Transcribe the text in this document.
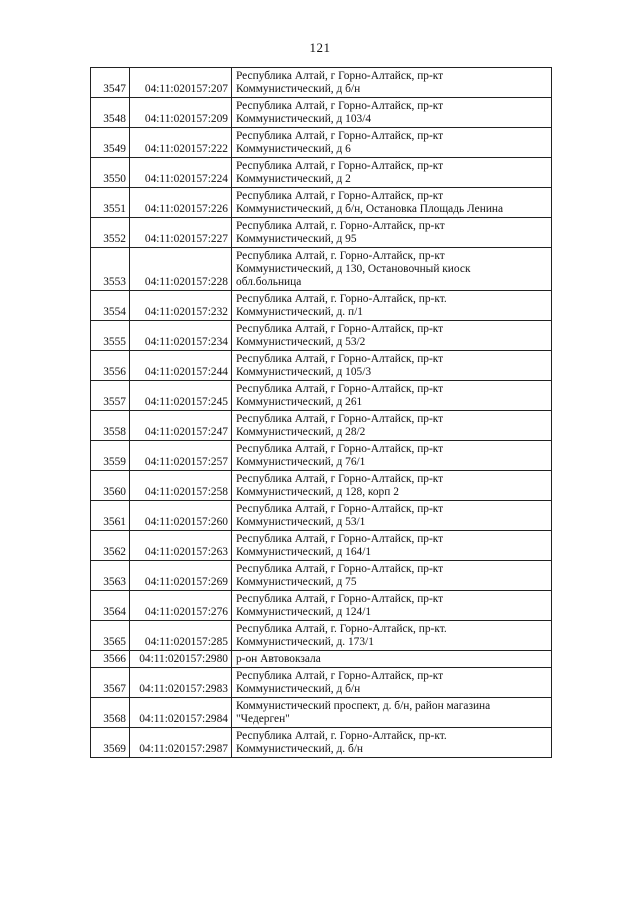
121
3547	04:11:020157:207	Республика Алтай, г Горно-Алтайск, пр-кт
Коммунистический, д б/н

3548	04:11:020157:209	Республика Алтай, г Горно-Алтайск, пр-кт
Коммунистический, д 103/4

3549	04:11:020157:222	Республика Алтай, г Горно-Алтайск, пр-кт
Коммунистический, д 6

3550	04:11:020157:224	Республика Алтай, г Горно-Алтайск, пр-кт
Коммунистический, д 2

3551	04:11:020157:226	Республика Алтай, г Горно-Алтайск, пр-кт
Коммунистический, д б/н, Остановка Площадь Ленина

3552	04:11:020157:227	Республика Алтай, г. Горно-Алтайск, пр-кт
Коммунистический, д 95

3553	04:11:020157:228	Республика Алтай, г. Горно-Алтайск, пр-кт
Коммунистический, д 130, Остановочный киоск
обл.больница

3554	04:11:020157:232	Республика Алтай, г. Горно-Алтайск, пр-кт.
Коммунистический, д. п/1

3555	04:11:020157:234	Республика Алтай, г Горно-Алтайск, пр-кт
Коммунистический, д 53/2

3556	04:11:020157:244	Республика Алтай, г Горно-Алтайск, пр-кт
Коммунистический, д 105/3

3557	04:11:020157:245	Республика Алтай, г Горно-Алтайск, пр-кт
Коммунистический, д 261

3558	04:11:020157:247	Республика Алтай, г Горно-Алтайск, пр-кт
Коммунистический, д 28/2

3559	04:11:020157:257	Республика Алтай, г Горно-Алтайск, пр-кт
Коммунистический, д 76/1

3560	04:11:020157:258	Республика Алтай, г Горно-Алтайск, пр-кт
Коммунистический, д 128, корп 2

3561	04:11:020157:260	Республика Алтай, г Горно-Алтайск, пр-кт
Коммунистический, д 53/1

3562	04:11:020157:263	Республика Алтай, г Горно-Алтайск, пр-кт
Коммунистический, д 164/1

3563	04:11:020157:269	Республика Алтай, г Горно-Алтайск, пр-кт
Коммунистический, д 75

3564	04:11:020157:276	Республика Алтай, г Горно-Алтайск, пр-кт
Коммунистический, д 124/1

3565	04:11:020157:285	Республика Алтай, г. Горно-Алтайск, пр-кт.
Коммунистический, д. 173/1

3566	04:11:020157:2980	р-он Автовокзала

3567	04:11:020157:2983	Республика Алтай, г Горно-Алтайск, пр-кт
Коммунистический, д б/н

3568	04:11:020157:2984	Коммунистический проспект, д. б/н, район магазина
"Чедерген"

3569	04:11:020157:2987	Республика Алтай, г. Горно-Алтайск, пр-кт.
Коммунистический, д. б/н
